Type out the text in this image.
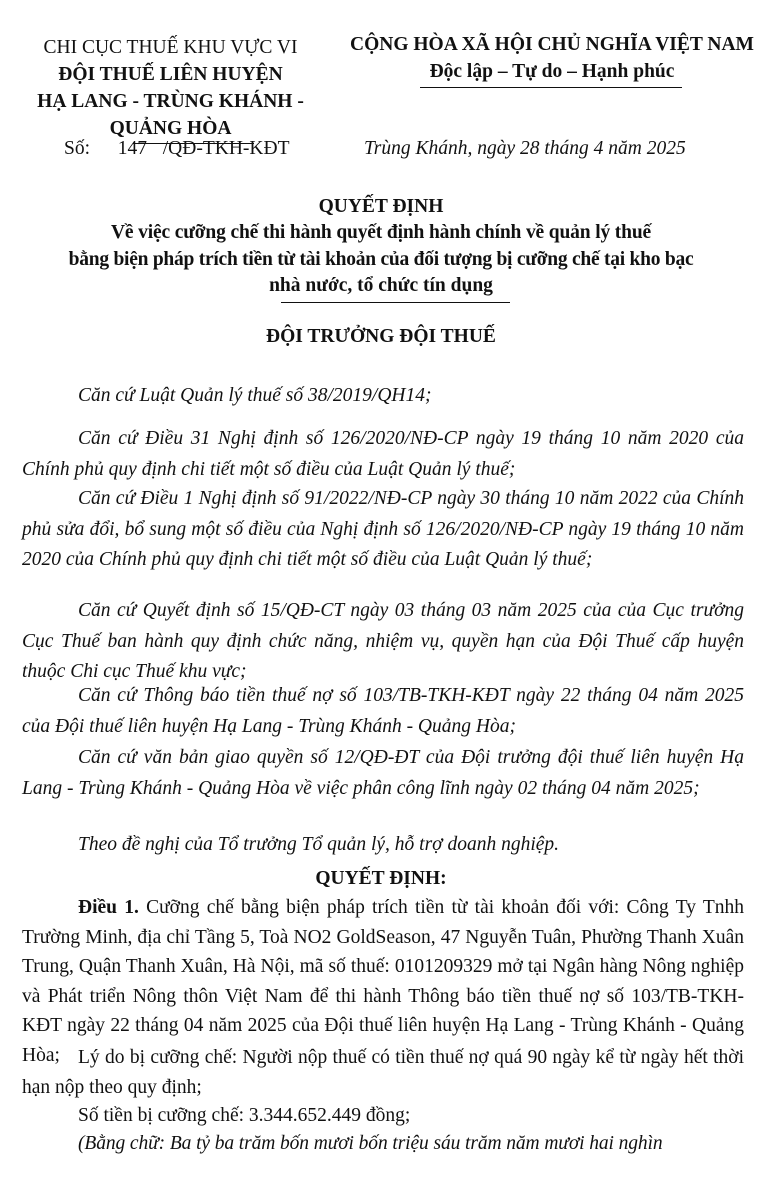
CHI CỤC THUẾ KHU VỰC VI
ĐỘI THUẾ LIÊN HUYỆN
HẠ LANG - TRÙNG KHÁNH -
QUẢNG HÒA
Số: 147 /QĐ-TKH-KĐT
CỘNG HÒA XÃ HỘI CHỦ NGHĨA VIỆT NAM
Độc lập – Tự do – Hạnh phúc
Trùng Khánh, ngày 28 tháng 4 năm 2025
QUYẾT ĐỊNH
Về việc cưỡng chế thi hành quyết định hành chính về quản lý thuế
bằng biện pháp trích tiền từ tài khoản của đối tượng bị cưỡng chế tại kho bạc
nhà nước, tổ chức tín dụng
ĐỘI TRƯỞNG ĐỘI THUẾ
Căn cứ Luật Quản lý thuế số 38/2019/QH14;
Căn cứ Điều 31 Nghị định số 126/2020/NĐ-CP ngày 19 tháng 10 năm 2020 của Chính phủ quy định chi tiết một số điều của Luật Quản lý thuế;
Căn cứ Điều 1 Nghị định số 91/2022/NĐ-CP ngày 30 tháng 10 năm 2022 của Chính phủ sửa đổi, bổ sung một số điều của Nghị định số 126/2020/NĐ-CP ngày 19 tháng 10 năm 2020 của Chính phủ quy định chi tiết một số điều của Luật Quản lý thuế;
Căn cứ Quyết định số 15/QĐ-CT ngày 03 tháng 03 năm 2025 của của Cục trưởng Cục Thuế ban hành quy định chức năng, nhiệm vụ, quyền hạn của Đội Thuế cấp huyện thuộc Chi cục Thuế khu vực;
Căn cứ Thông báo tiền thuế nợ số 103/TB-TKH-KĐT ngày 22 tháng 04 năm 2025 của Đội thuế liên huyện Hạ Lang - Trùng Khánh - Quảng Hòa;
Căn cứ văn bản giao quyền số 12/QĐ-ĐT của Đội trưởng đội thuế liên huyện Hạ Lang - Trùng Khánh - Quảng Hòa về việc phân công lĩnh ngày 02 tháng 04 năm 2025;
Theo đề nghị của Tổ trưởng Tổ quản lý, hỗ trợ doanh nghiệp.
QUYẾT ĐỊNH:
Điều 1. Cưỡng chế bằng biện pháp trích tiền từ tài khoản đối với: Công Ty Tnhh Trường Minh, địa chỉ Tầng 5, Toà NO2 GoldSeason, 47 Nguyễn Tuân, Phường Thanh Xuân Trung, Quận Thanh Xuân, Hà Nội, mã số thuế: 0101209329 mở tại Ngân hàng Nông nghiệp và Phát triển Nông thôn Việt Nam để thi hành Thông báo tiền thuế nợ số 103/TB-TKH-KĐT ngày 22 tháng 04 năm 2025 của Đội thuế liên huyện Hạ Lang - Trùng Khánh - Quảng Hòa; Lý do bị cưỡng chế: Người nộp thuế có tiền thuế nợ quá 90 ngày kể từ ngày hết thời hạn nộp theo quy định;
Số tiền bị cưỡng chế: 3.344.652.449 đồng;
(Bằng chữ: Ba tỷ ba trăm bốn mươi bốn triệu sáu trăm năm mươi hai nghìn
